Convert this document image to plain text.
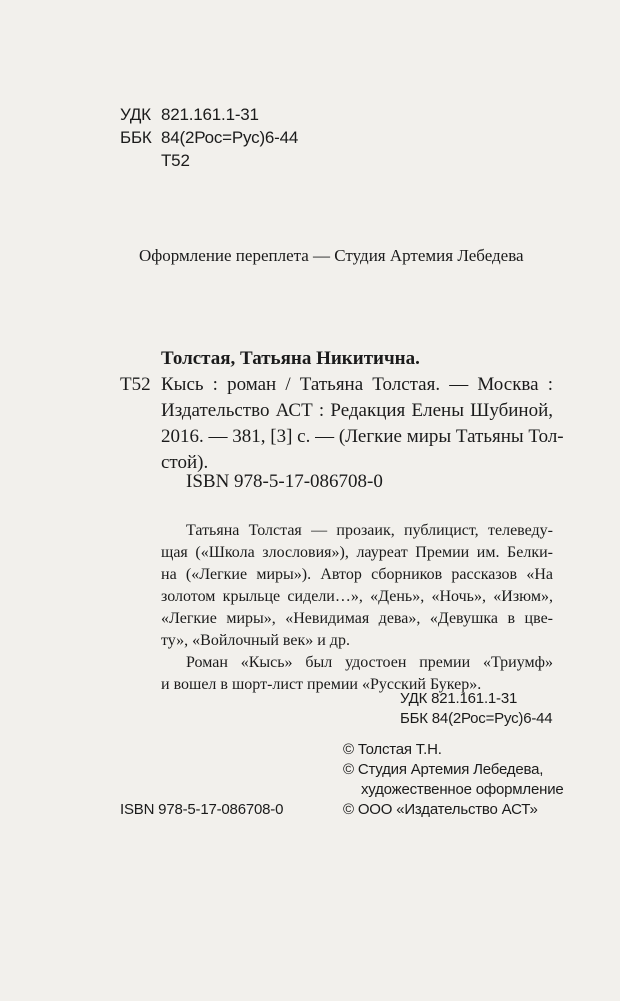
УДК 821.161.1-31
ББК 84(2Рос=Рус)6-44
Т52
Оформление переплета — Студия Артемия Лебедева
Толстая, Татьяна Никитична.
Т52 Кысь : роман / Татьяна Толстая. — Москва :
Издательство АСТ : Редакция Елены Шубиной,
2016. — 381, [3] с. — (Легкие миры Татьяны Тол-
стой).
ISBN 978-5-17-086708-0
Татьяна Толстая — прозаик, публицист, телеведу-
щая («Школа злословия»), лауреат Премии им. Белки-
на («Легкие миры»). Автор сборников рассказов «На
золотом крыльце сидели…», «День», «Ночь», «Изюм»,
«Легкие миры», «Невидимая дева», «Девушка в цве-
ту», «Войлочный век» и др.
Роман «Кысь» был удостоен премии «Триумф»
и вошел в шорт-лист премии «Русский Букер».
УДК 821.161.1-31
ББК 84(2Рос=Рус)6-44
© Толстая Т.Н.
© Студия Артемия Лебедева,
художественное оформление
ISBN 978-5-17-086708-0	© ООО «Издательство АСТ»
